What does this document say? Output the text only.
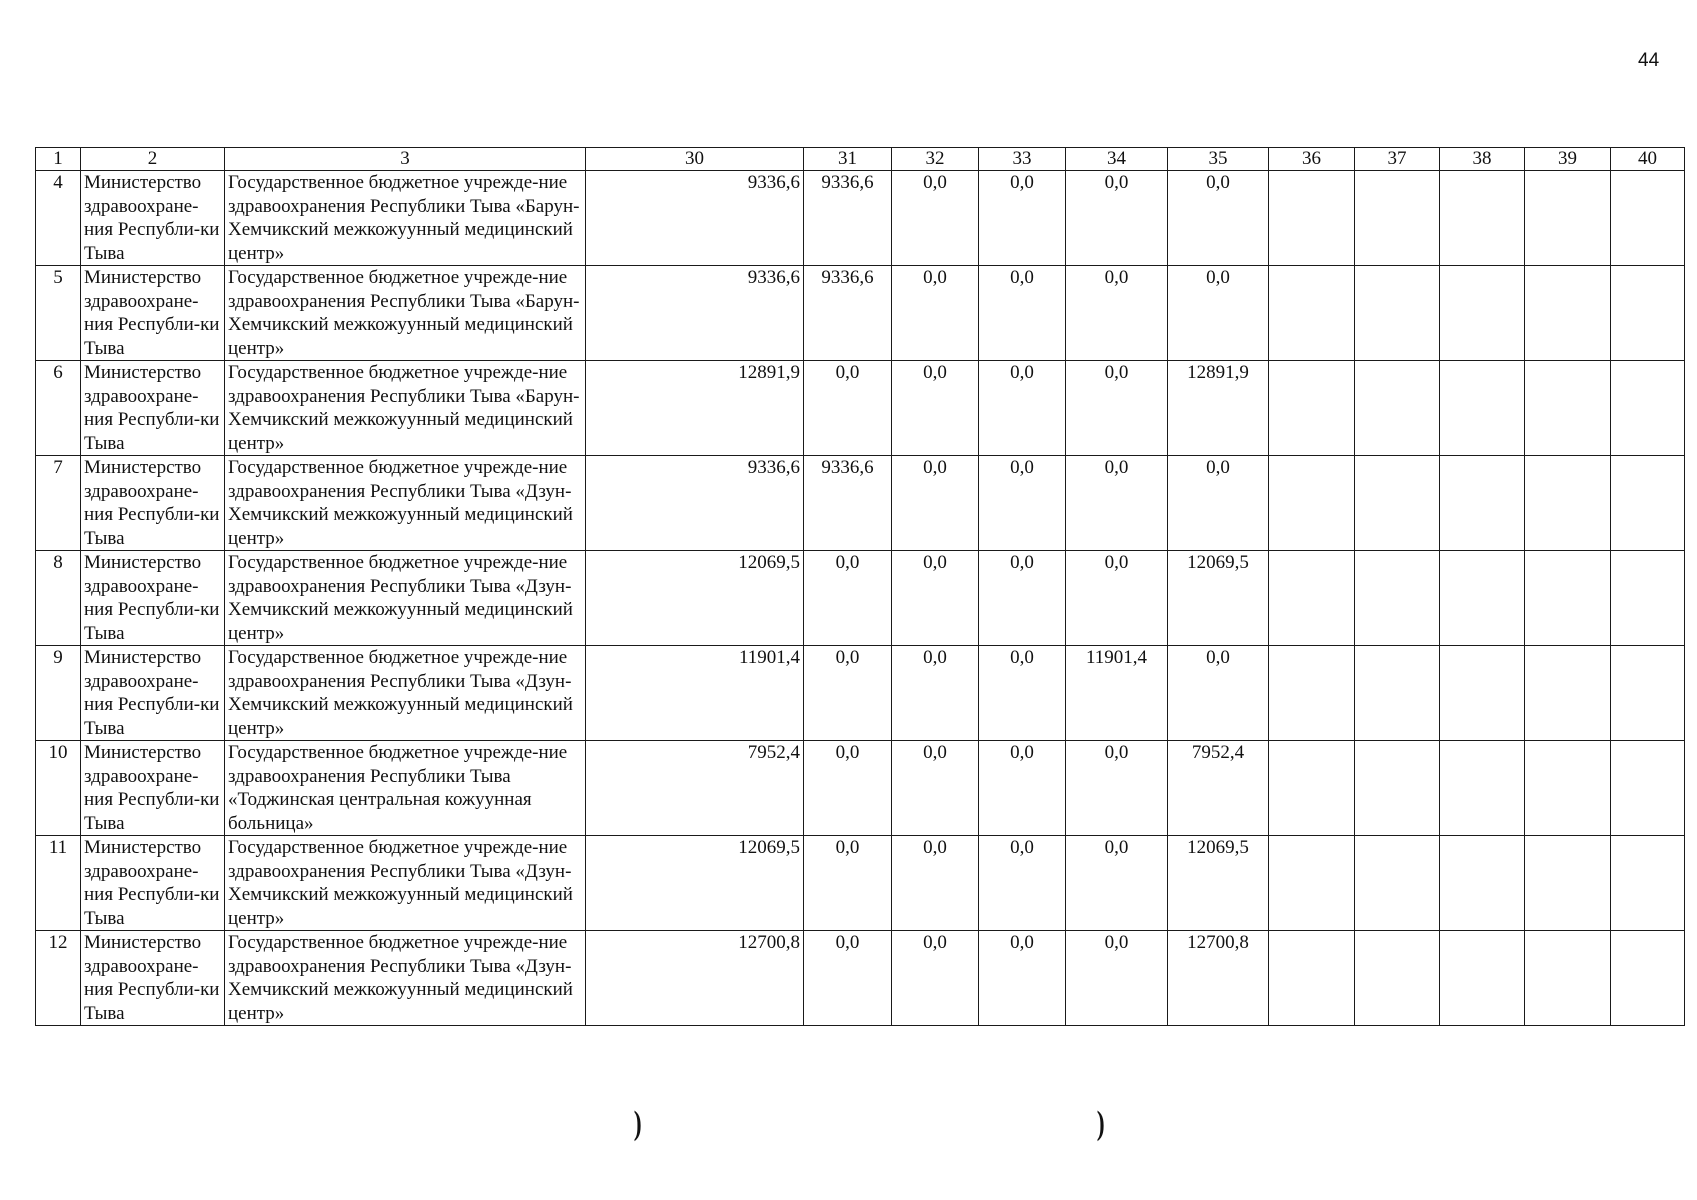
44
1	2	3	30	31	32	33	34	35	36	37	38	39	40
4	Министерство здравоохране-ния Республи-ки Тыва	Государственное бюджетное учрежде-ние здравоохранения Республики Тыва «Барун-Хемчикский межкожуунный медицинский центр»	9336,6	9336,6	0,0	0,0	0,0	0,0					
5	Министерство здравоохране-ния Республи-ки Тыва	Государственное бюджетное учрежде-ние здравоохранения Республики Тыва «Барун-Хемчикский межкожуунный медицинский центр»	9336,6	9336,6	0,0	0,0	0,0	0,0					
6	Министерство здравоохране-ния Республи-ки Тыва	Государственное бюджетное учрежде-ние здравоохранения Республики Тыва «Барун-Хемчикский межкожуунный медицинский центр»	12891,9	0,0	0,0	0,0	0,0	12891,9					
7	Министерство здравоохране-ния Республи-ки Тыва	Государственное бюджетное учрежде-ние здравоохранения Республики Тыва «Дзун-Хемчикский межкожуунный медицинский центр»	9336,6	9336,6	0,0	0,0	0,0	0,0					
8	Министерство здравоохране-ния Республи-ки Тыва	Государственное бюджетное учрежде-ние здравоохранения Республики Тыва «Дзун-Хемчикский межкожуунный медицинский центр»	12069,5	0,0	0,0	0,0	0,0	12069,5					
9	Министерство здравоохране-ния Республи-ки Тыва	Государственное бюджетное учрежде-ние здравоохранения Республики Тыва «Дзун-Хемчикский межкожуунный медицинский центр»	11901,4	0,0	0,0	0,0	11901,4	0,0					
10	Министерство здравоохране-ния Республи-ки Тыва	Государственное бюджетное учрежде-ние здравоохранения Республики Тыва «Тоджинская центральная кожуунная больница»	7952,4	0,0	0,0	0,0	0,0	7952,4					
11	Министерство здравоохране-ния Республи-ки Тыва	Государственное бюджетное учрежде-ние здравоохранения Республики Тыва «Дзун-Хемчикский межкожуунный медицинский центр»	12069,5	0,0	0,0	0,0	0,0	12069,5					
12	Министерство здравоохране-ния Республи-ки Тыва	Государственное бюджетное учрежде-ние здравоохранения Республики Тыва «Дзун-Хемчикский межкожуунный медицинский центр»	12700,8	0,0	0,0	0,0	0,0	12700,8					
)	)
